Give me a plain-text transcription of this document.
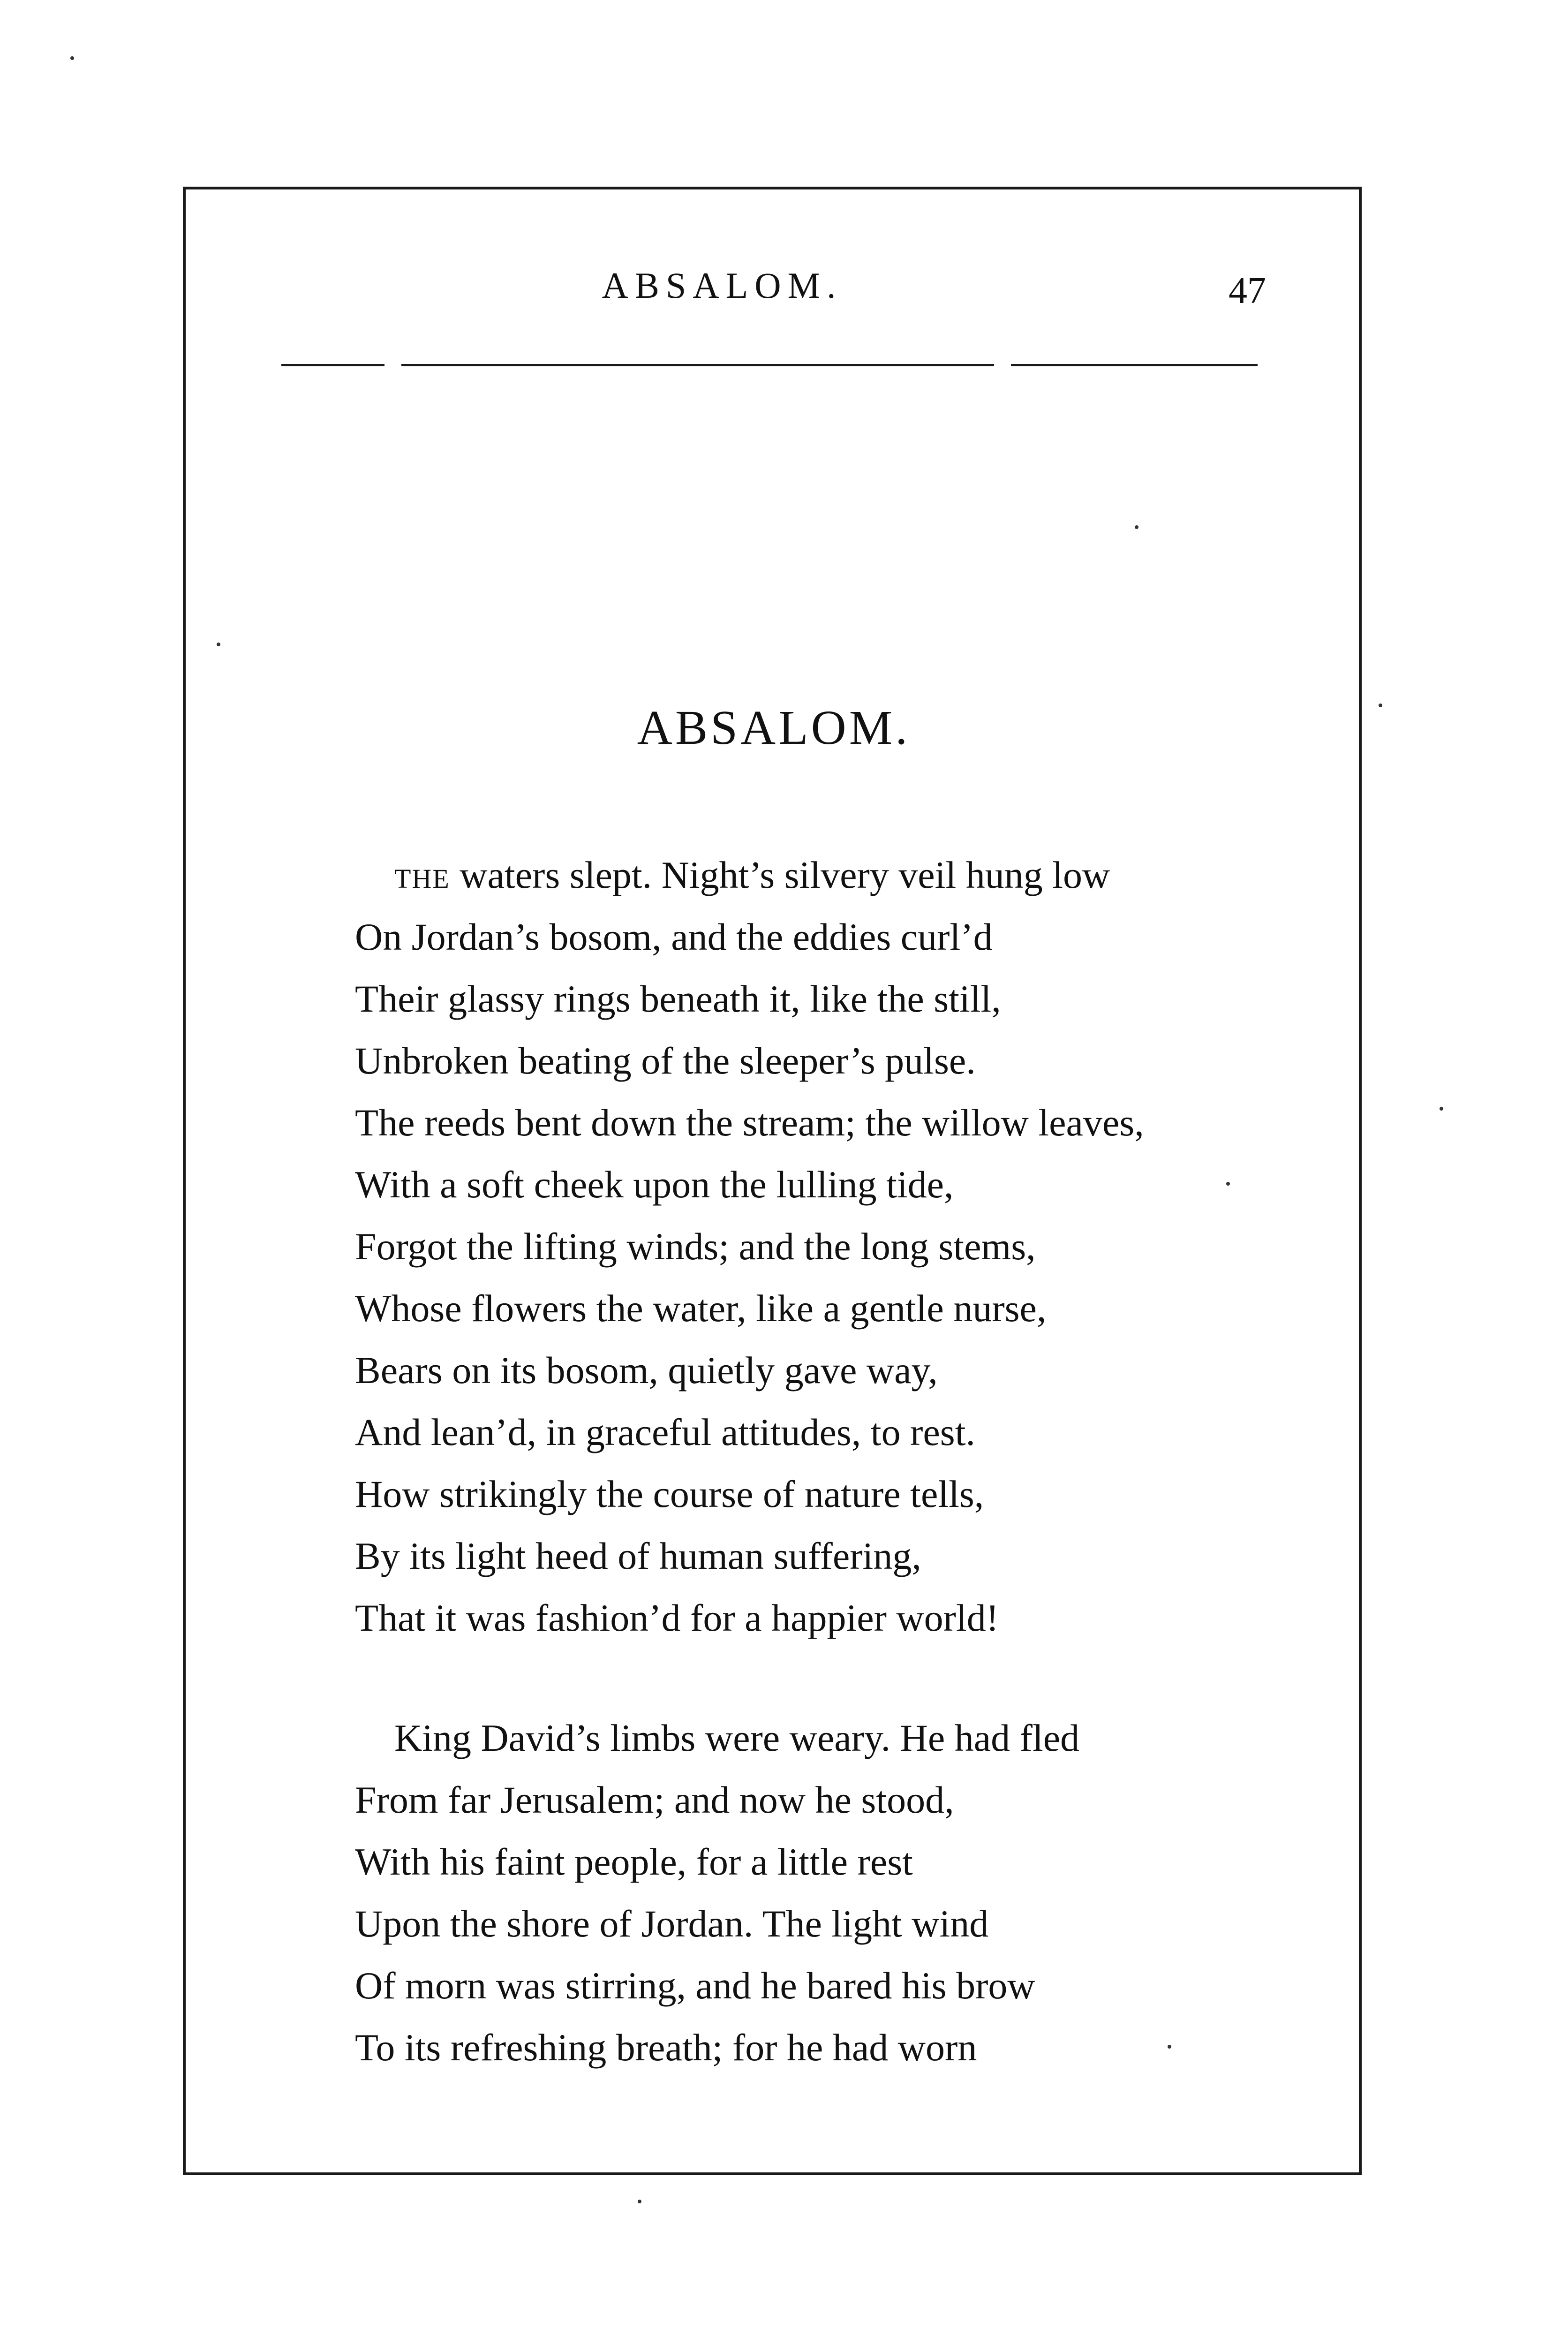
ABSALOM.	47
ABSALOM.
THE waters slept. Night’s silvery veil hung low
On Jordan’s bosom, and the eddies curl’d
Their glassy rings beneath it, like the still,
Unbroken beating of the sleeper’s pulse.
The reeds bent down the stream; the willow leaves,
With a soft cheek upon the lulling tide,
Forgot the lifting winds; and the long stems,
Whose flowers the water, like a gentle nurse,
Bears on its bosom, quietly gave way,
And lean’d, in graceful attitudes, to rest.
How strikingly the course of nature tells,
By its light heed of human suffering,
That it was fashion’d for a happier world!
King David’s limbs were weary. He had fled
From far Jerusalem; and now he stood,
With his faint people, for a little rest
Upon the shore of Jordan. The light wind
Of morn was stirring, and he bared his brow
To its refreshing breath; for he had worn
